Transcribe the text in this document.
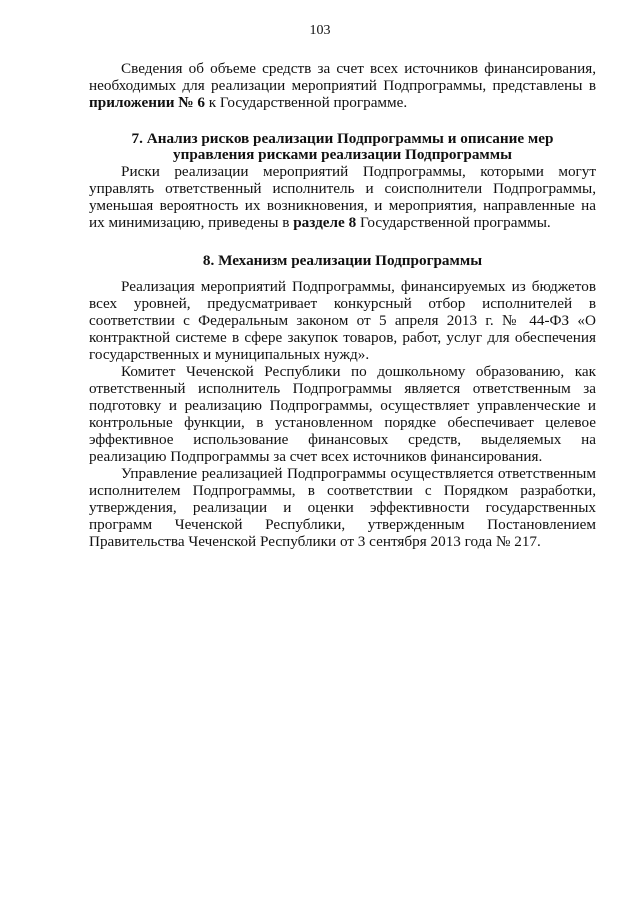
103

Сведения об объеме средств за счет всех источников финансирования, необходимых для реализации мероприятий Подпрограммы, представлены в приложении № 6 к Государственной программе.

7. Анализ рисков реализации Подпрограммы и описание мер
управления рисками реализации Подпрограммы

Риски реализации мероприятий Подпрограммы, которыми могут управлять ответственный исполнитель и соисполнители Подпрограммы, уменьшая вероятность их возникновения, и мероприятия, направленные на их минимизацию, приведены в разделе 8 Государственной программы.

8. Механизм реализации Подпрограммы

Реализация мероприятий Подпрограммы, финансируемых из бюджетов всех уровней, предусматривает конкурсный отбор исполнителей в соответствии с Федеральным законом от 5 апреля 2013 г. № 44-ФЗ «О контрактной системе в сфере закупок товаров, работ, услуг для обеспечения государственных и муниципальных нужд».

Комитет Чеченской Республики по дошкольному образованию, как ответственный исполнитель Подпрограммы является ответственным за подготовку и реализацию Подпрограммы, осуществляет управленческие и контрольные функции, в установленном порядке обеспечивает целевое эффективное использование финансовых средств, выделяемых на реализацию Подпрограммы за счет всех источников финансирования.

Управление реализацией Подпрограммы осуществляется ответственным исполнителем Подпрограммы, в соответствии с Порядком разработки, утверждения, реализации и оценки эффективности государственных программ Чеченской Республики, утвержденным Постановлением Правительства Чеченской Республики от 3 сентября 2013 года № 217.
